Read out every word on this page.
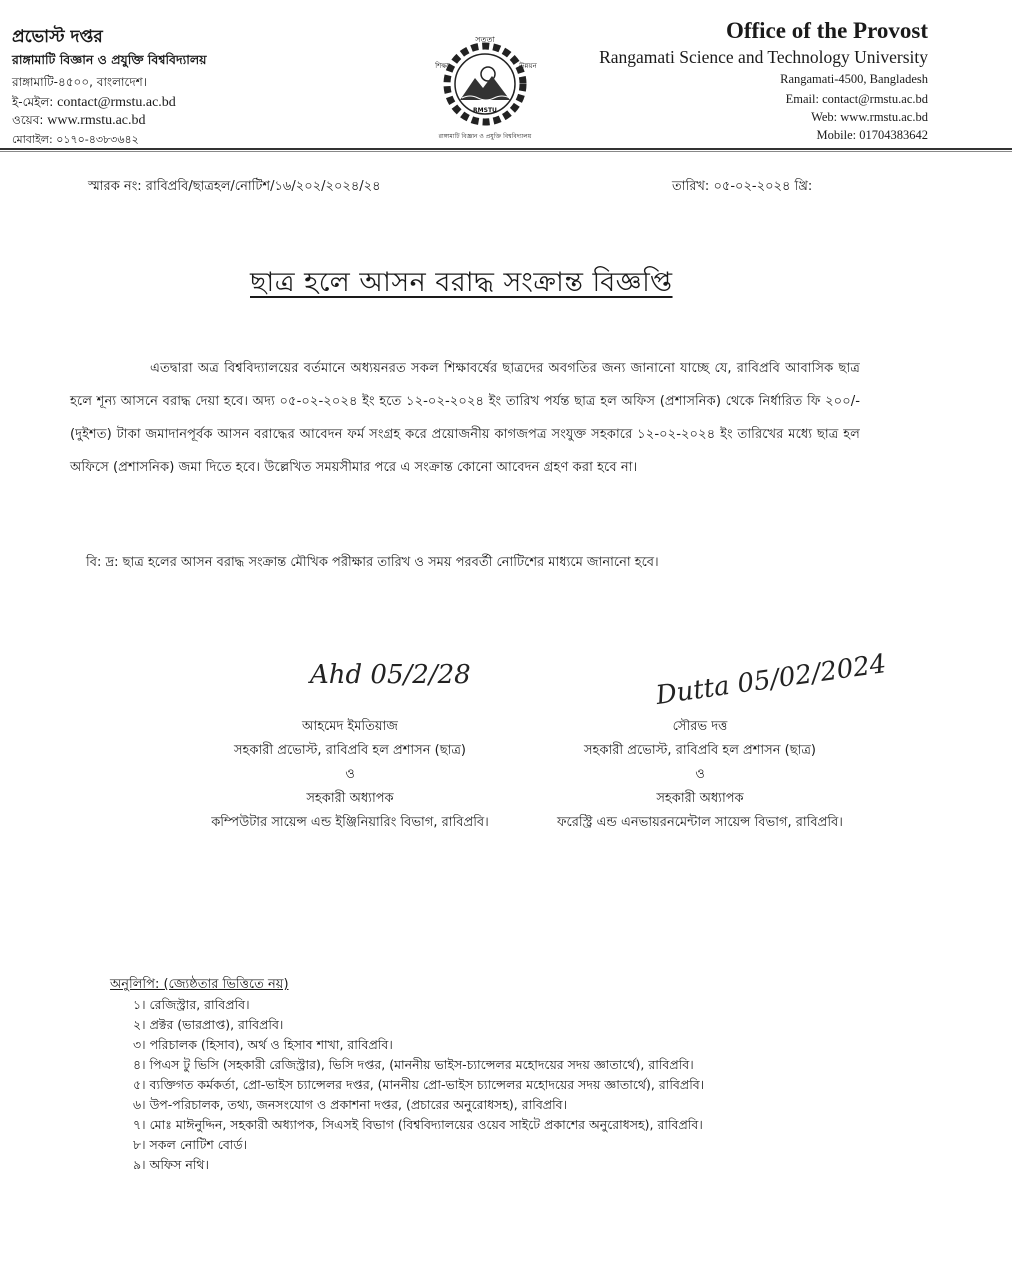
প্রভোস্ট দপ্তর
রাঙ্গামাটি বিজ্ঞান ও প্রযুক্তি বিশ্ববিদ্যালয়
রাঙ্গামাটি-৪৫০০, বাংলাদেশ।
ই-মেইল: contact@rmstu.ac.bd
ওয়েব: www.rmstu.ac.bd
মোবাইল: ০১৭০-৪৩৮৩৬৪২
সততা
শিক্ষা	উন্নয়ন
RMSTU
রাঙ্গামাটি বিজ্ঞান ও প্রযুক্তি বিশ্ববিদ্যালয়
Office of the Provost
Rangamati Science and Technology University
Rangamati-4500, Bangladesh
Email: contact@rmstu.ac.bd
Web: www.rmstu.ac.bd
Mobile: 01704383642
স্মারক নং: রাবিপ্রবি/ছাত্রহল/নোটিশ/১৬/২০২/২০২৪/২৪	তারিখ: ০৫-০২-২০২৪ খ্রি:
ছাত্র হলে আসন বরাদ্ধ সংক্রান্ত বিজ্ঞপ্তি
এতদ্বারা অত্র বিশ্ববিদ্যালয়ের বর্তমানে অধ্যয়নরত সকল শিক্ষাবর্ষের ছাত্রদের অবগতির জন্য জানানো যাচ্ছে যে, রাবিপ্রবি আবাসিক ছাত্র হলে শূন্য আসনে বরাদ্ধ দেয়া হবে। অদ্য ০৫-০২-২০২৪ ইং হতে ১২-০২-২০২৪ ইং তারিখ পর্যন্ত ছাত্র হল অফিস (প্রশাসনিক) থেকে নির্ধারিত ফি ২০০/- (দুইশত) টাকা জমাদানপূর্বক আসন বরাদ্ধের আবেদন ফর্ম সংগ্রহ করে প্রয়োজনীয় কাগজপত্র সংযুক্ত সহকারে ১২-০২-২০২৪ ইং তারিখের মধ্যে ছাত্র হল অফিসে (প্রশাসনিক) জমা দিতে হবে। উল্লেখিত সময়সীমার পরে এ সংক্রান্ত কোনো আবেদন গ্রহণ করা হবে না।
বি: দ্র: ছাত্র হলের আসন বরাদ্ধ সংক্রান্ত মৌখিক পরীক্ষার তারিখ ও সময় পরবর্তী নোটিশের মাধ্যমে জানানো হবে।
Ahd 05/2/28	Dutta 05/02/2024
আহমেদ ইমতিয়াজ
সহকারী প্রভোস্ট, রাবিপ্রবি হল প্রশাসন (ছাত্র)
ও
সহকারী অধ্যাপক
কম্পিউটার সায়েন্স এন্ড ইঞ্জিনিয়ারিং বিভাগ, রাবিপ্রবি।
সৌরভ দত্ত
সহকারী প্রভোস্ট, রাবিপ্রবি হল প্রশাসন (ছাত্র)
ও
সহকারী অধ্যাপক
ফরেস্ট্রি এন্ড এনভায়রনমেন্টাল সায়েন্স বিভাগ, রাবিপ্রবি।
অনুলিপি: (জ্যেষ্ঠতার ভিত্তিতে নয়)
১। রেজিস্ট্রার, রাবিপ্রবি।
২। প্রক্টর (ভারপ্রাপ্ত), রাবিপ্রবি।
৩। পরিচালক (হিসাব), অর্থ ও হিসাব শাখা, রাবিপ্রবি।
৪। পিএস টু ভিসি (সহকারী রেজিস্ট্রার), ভিসি দপ্তর, (মাননীয় ভাইস-চ্যান্সেলর মহোদয়ের সদয় জ্ঞাতার্থে), রাবিপ্রবি।
৫। ব্যক্তিগত কর্মকর্তা, প্রো-ভাইস চ্যান্সেলর দপ্তর, (মাননীয় প্রো-ভাইস চ্যান্সেলর মহোদয়ের সদয় জ্ঞাতার্থে), রাবিপ্রবি।
৬। উপ-পরিচালক, তথ্য, জনসংযোগ ও প্রকাশনা দপ্তর, (প্রচারের অনুরোধসহ), রাবিপ্রবি।
৭। মোঃ মাঈনুদ্দিন, সহকারী অধ্যাপক, সিএসই বিভাগ (বিশ্ববিদ্যালয়ের ওয়েব সাইটে প্রকাশের অনুরোধসহ), রাবিপ্রবি।
৮। সকল নোটিশ বোর্ড।
৯। অফিস নথি।
